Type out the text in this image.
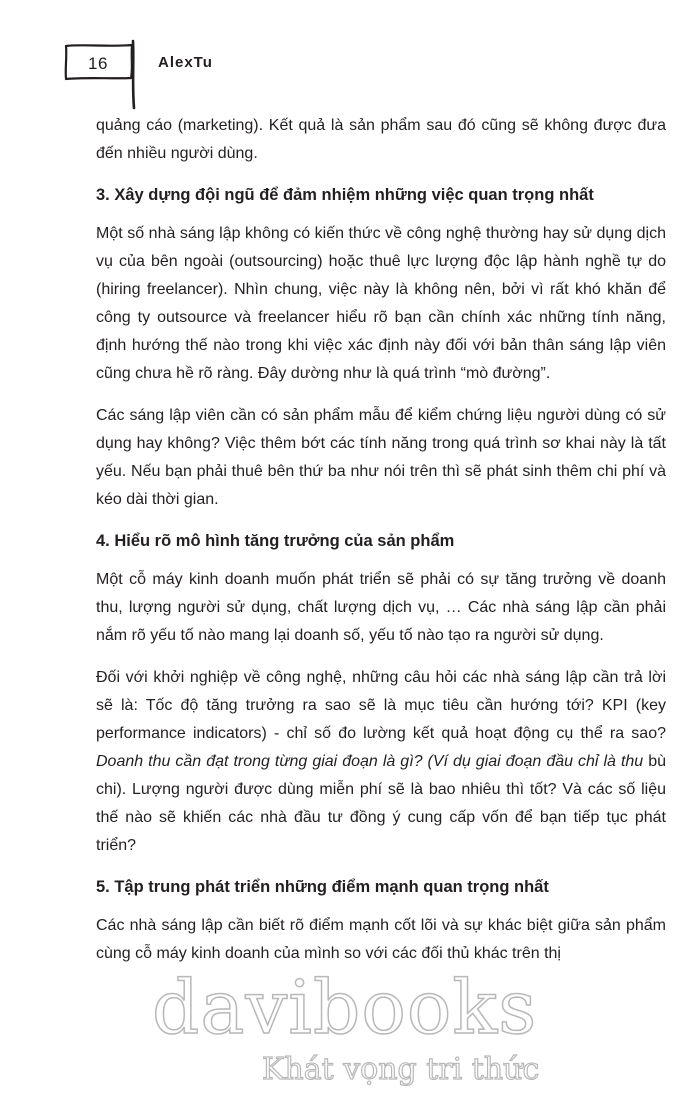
16	AlexTu

quảng cáo (marketing). Kết quả là sản phẩm sau đó cũng sẽ không được đưa đến nhiều người dùng.

3. Xây dựng đội ngũ để đảm nhiệm những việc quan trọng nhất

Một số nhà sáng lập không có kiến thức về công nghệ thường hay sử dụng dịch vụ của bên ngoài (outsourcing) hoặc thuê lực lượng độc lập hành nghề tự do (hiring freelancer). Nhìn chung, việc này là không nên, bởi vì rất khó khăn để công ty outsource và freelancer hiểu rõ bạn cần chính xác những tính năng, định hướng thế nào trong khi việc xác định này đối với bản thân sáng lập viên cũng chưa hề rõ ràng. Đây dường như là quá trình “mò đường”.

Các sáng lập viên cần có sản phẩm mẫu để kiểm chứng liệu người dùng có sử dụng hay không? Việc thêm bớt các tính năng trong quá trình sơ khai này là tất yếu. Nếu bạn phải thuê bên thứ ba như nói trên thì sẽ phát sinh thêm chi phí và kéo dài thời gian.

4. Hiểu rõ mô hình tăng trưởng của sản phẩm

Một cỗ máy kinh doanh muốn phát triển sẽ phải có sự tăng trưởng về doanh thu, lượng người sử dụng, chất lượng dịch vụ, … Các nhà sáng lập cần phải nắm rõ yếu tố nào mang lại doanh số, yếu tố nào tạo ra người sử dụng.

Đối với khởi nghiệp về công nghệ, những câu hỏi các nhà sáng lập cần trả lời sẽ là: Tốc độ tăng trưởng ra sao sẽ là mục tiêu cần hướng tới? KPI (key performance indicators) - chỉ số đo lường kết quả hoạt động cụ thể ra sao? Doanh thu cần đạt trong từng giai đoạn là gì? (Ví dụ giai đoạn đầu chỉ là thu bù chi). Lượng người được dùng miễn phí sẽ là bao nhiêu thì tốt? Và các số liệu thế nào sẽ khiến các nhà đầu tư đồng ý cung cấp vốn để bạn tiếp tục phát triển?

5. Tập trung phát triển những điểm mạnh quan trọng nhất

Các nhà sáng lập cần biết rõ điểm mạnh cốt lõi và sự khác biệt giữa sản phẩm cùng cỗ máy kinh doanh của mình so với các đối thủ khác trên thị

davibooks
Khát vọng tri thức
